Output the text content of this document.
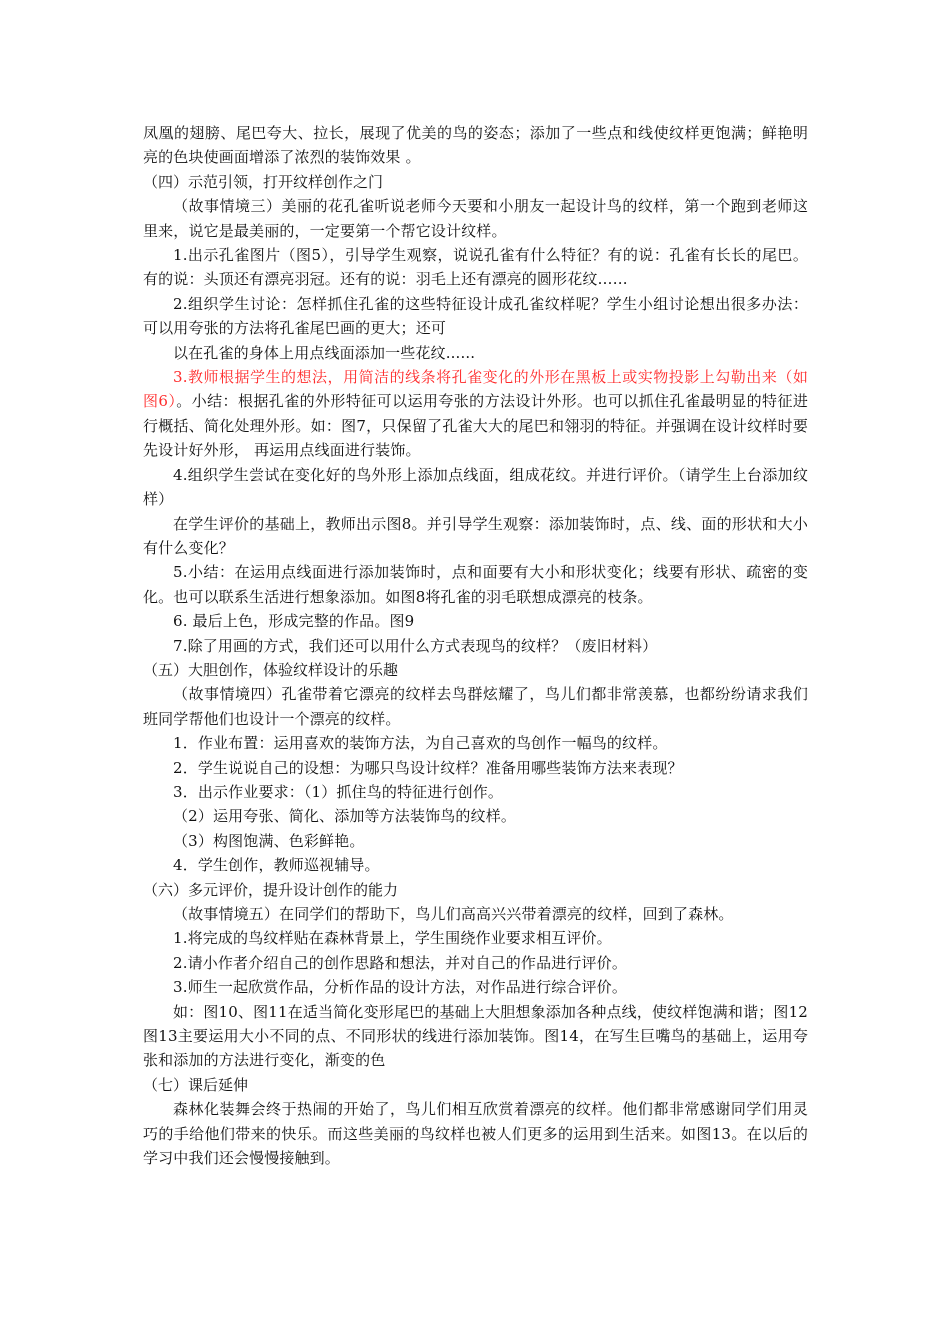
凤凰的翅膀、尾巴夸大、拉长，展现了优美的鸟的姿态；添加了一些点和线使纹样更饱满；鲜艳明亮的色块使画面增添了浓烈的装饰效果 。

（四）示范引领，打开纹样创作之门

（故事情境三）美丽的花孔雀听说老师今天要和小朋友一起设计鸟的纹样，第一个跑到老师这里来，说它是最美丽的，一定要第一个帮它设计纹样。

1.出示孔雀图片（图5），引导学生观察，说说孔雀有什么特征？有的说：孔雀有长长的尾巴。有的说：头顶还有漂亮羽冠。还有的说：羽毛上还有漂亮的圆形花纹……

2.组织学生讨论：怎样抓住孔雀的这些特征设计成孔雀纹样呢？学生小组讨论想出很多办法：可以用夸张的方法将孔雀尾巴画的更大；还可

以在孔雀的身体上用点线面添加一些花纹......

3.教师根据学生的想法，用简洁的线条将孔雀变化的外形在黑板上或实物投影上勾勒出来（如图6）。小结：根据孔雀的外形特征可以运用夸张的方法设计外形。也可以抓住孔雀最明显的特征进行概括、简化处理外形。如：图7，只保留了孔雀大大的尾巴和翎羽的特征。并强调在设计纹样时要先设计好外形， 再运用点线面进行装饰。

4.组织学生尝试在变化好的鸟外形上添加点线面，组成花纹。并进行评价。（请学生上台添加纹样）

在学生评价的基础上，教师出示图8。并引导学生观察：添加装饰时，点、线、面的形状和大小有什么变化？

5.小结：在运用点线面进行添加装饰时，点和面要有大小和形状变化；线要有形状、疏密的变化。也可以联系生活进行想象添加。如图8将孔雀的羽毛联想成漂亮的枝条。

6. 最后上色，形成完整的作品。图9

7.除了用画的方式，我们还可以用什么方式表现鸟的纹样？（废旧材料）

（五）大胆创作，体验纹样设计的乐趣

（故事情境四）孔雀带着它漂亮的纹样去鸟群炫耀了，鸟儿们都非常羡慕，也都纷纷请求我们班同学帮他们也设计一个漂亮的纹样。

1．作业布置：运用喜欢的装饰方法，为自己喜欢的鸟创作一幅鸟的纹样。

2．学生说说自己的设想：为哪只鸟设计纹样？准备用哪些装饰方法来表现？

3．出示作业要求：（1）抓住鸟的特征进行创作。

（2）运用夸张、简化、添加等方法装饰鸟的纹样。

（3）构图饱满、色彩鲜艳。

4．学生创作，教师巡视辅导。

（六）多元评价，提升设计创作的能力

（故事情境五）在同学们的帮助下，鸟儿们高高兴兴带着漂亮的纹样，回到了森林。

1.将完成的鸟纹样贴在森林背景上，学生围绕作业要求相互评价。

2.请小作者介绍自己的创作思路和想法，并对自己的作品进行评价。

3.师生一起欣赏作品，分析作品的设计方法，对作品进行综合评价。

如：图10、图11在适当简化变形尾巴的基础上大胆想象添加各种点线，使纹样饱满和谐；图12图13主要运用大小不同的点、不同形状的线进行添加装饰。图14，在写生巨嘴鸟的基础上，运用夸张和添加的方法进行变化，渐变的色

（七）课后延伸

森林化装舞会终于热闹的开始了，鸟儿们相互欣赏着漂亮的纹样。他们都非常感谢同学们用灵巧的手给他们带来的快乐。而这些美丽的鸟纹样也被人们更多的运用到生活来。如图13。在以后的学习中我们还会慢慢接触到。
